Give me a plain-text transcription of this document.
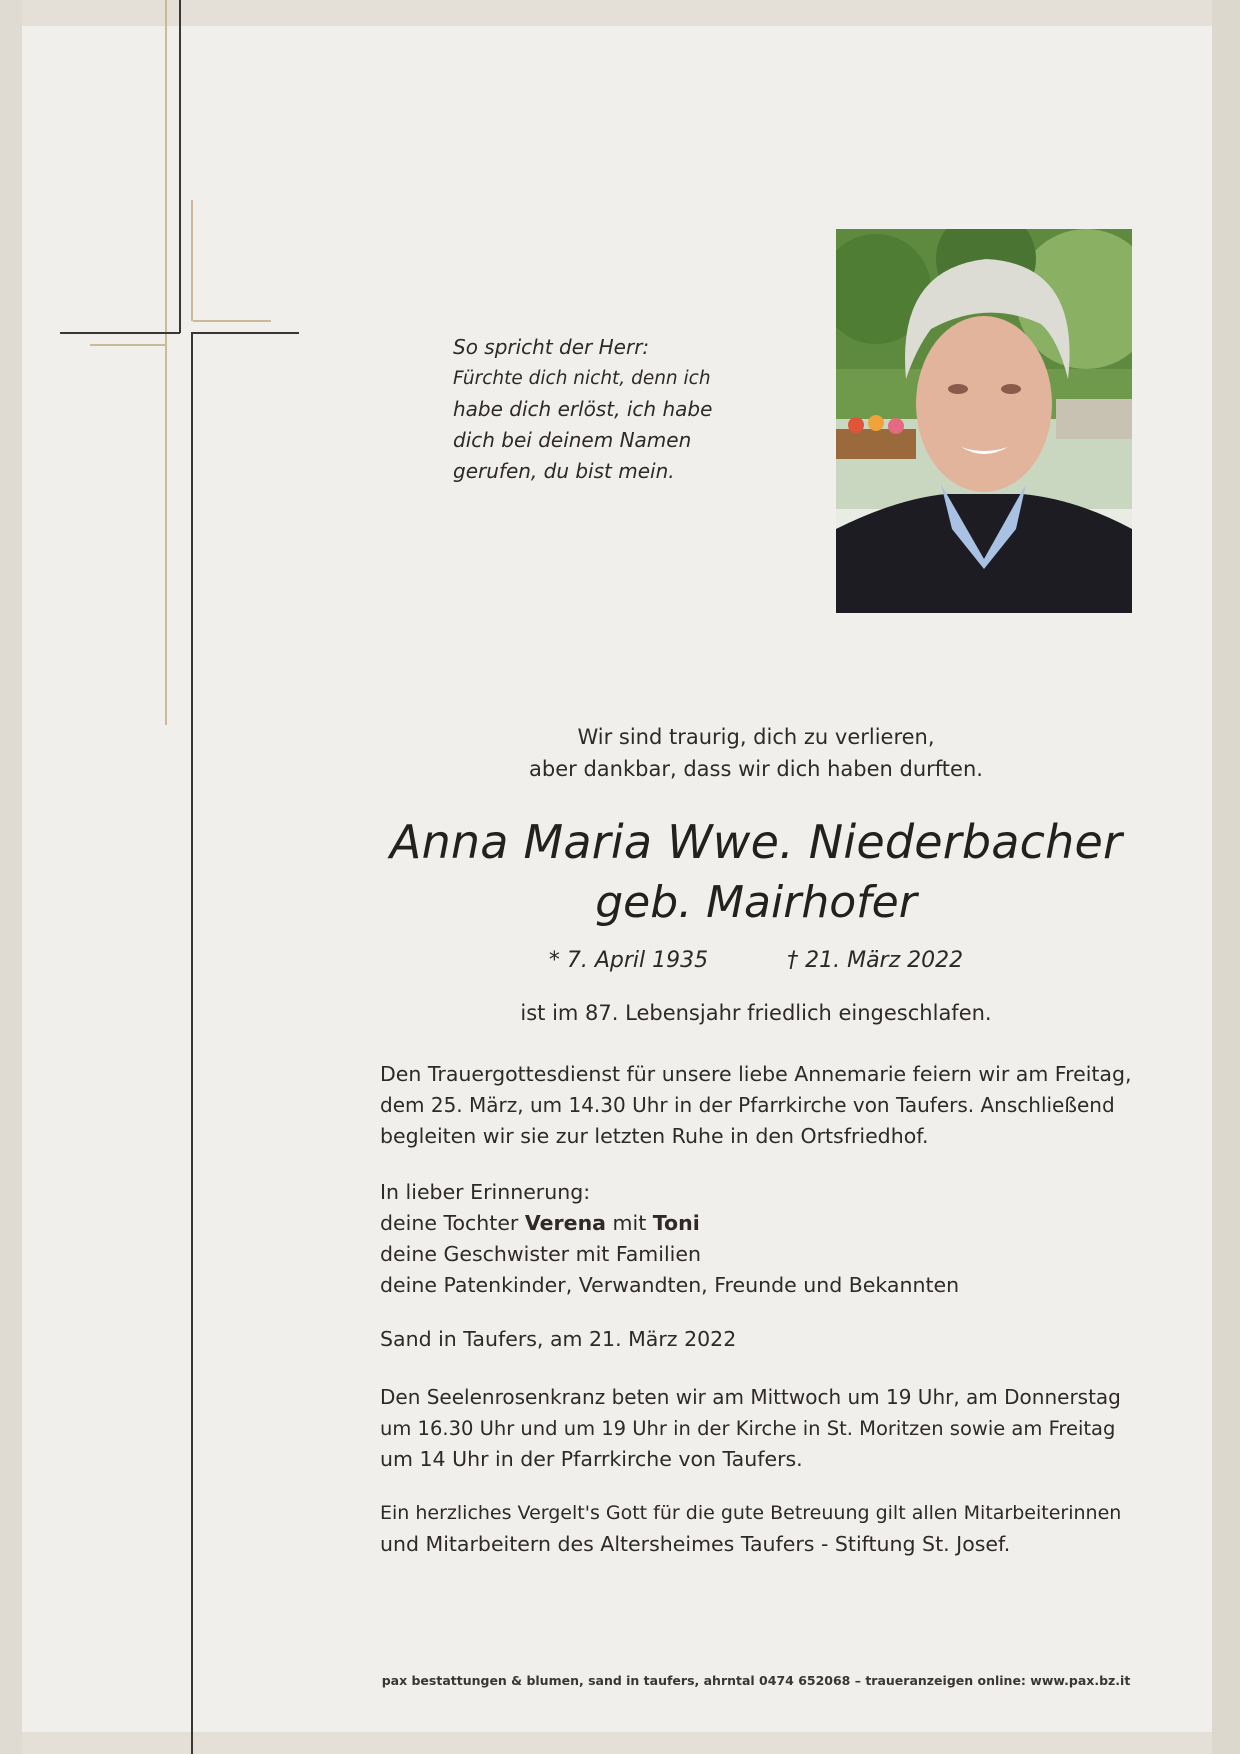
So spricht der Herr:
Fürchte dich nicht, denn ich
habe dich erlöst, ich habe
dich bei deinem Namen
gerufen, du bist mein.
Wir sind traurig, dich zu verlieren,
aber dankbar, dass wir dich haben durften.
Anna Maria Wwe. Niederbacher
geb. Mairhofer
* 7. April 1935	† 21. März 2022
ist im 87. Lebensjahr friedlich eingeschlafen.
Den Trauergottesdienst für unsere liebe Annemarie feiern wir am Freitag,
dem 25. März, um 14.30 Uhr in der Pfarrkirche von Taufers. Anschließend
begleiten wir sie zur letzten Ruhe in den Ortsfriedhof.
In lieber Erinnerung:
deine Tochter Verena mit Toni
deine Geschwister mit Familien
deine Patenkinder, Verwandten, Freunde und Bekannten
Sand in Taufers, am 21. März 2022
Den Seelenrosenkranz beten wir am Mittwoch um 19 Uhr, am Donnerstag
um 16.30 Uhr und um 19 Uhr in der Kirche in St. Moritzen sowie am Freitag
um 14 Uhr in der Pfarrkirche von Taufers.
Ein herzliches Vergelt's Gott für die gute Betreuung gilt allen Mitarbeiterinnen
und Mitarbeitern des Altersheimes Taufers - Stiftung St. Josef.
pax bestattungen & blumen, sand in taufers, ahrntal 0474 652068 – traueranzeigen online: www.pax.bz.it
